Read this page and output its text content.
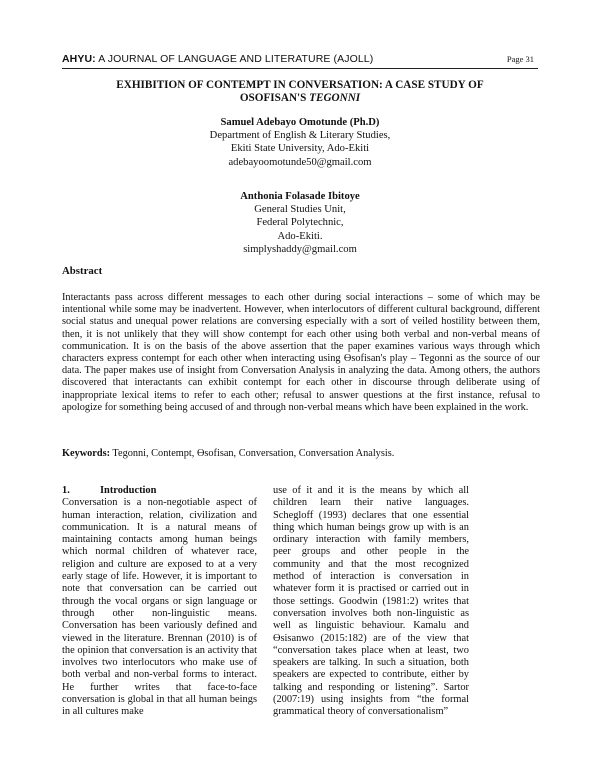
AHYU: A JOURNAL OF LANGUAGE AND LITERATURE (AJOLL)	Page 31
EXHIBITION OF CONTEMPT IN CONVERSATION: A CASE STUDY OF
OSOFISAN'S TEGONNI
Samuel Adebayo Omotunde (Ph.D)
Department of English & Literary Studies,
Ekiti State University, Ado-Ekiti
adebayoomotunde50@gmail.com
Anthonia Folasade Ibitoye
General Studies Unit,
Federal Polytechnic,
Ado-Ekiti.
simplyshaddy@gmail.com
Abstract
Interactants pass across different messages to each other during social interactions – some of which may be intentional while some may be inadvertent. However, when interlocutors of different cultural background, different social status and unequal power relations are conversing especially with a sort of veiled hostility between them, then, it is not unlikely that they will show contempt for each other using both verbal and non-verbal means of communication. It is on the basis of the above assertion that the paper examines various ways through which characters express contempt for each other when interacting using Ɵsofisan's play – Tegonni as the source of our data. The paper makes use of insight from Conversation Analysis in analyzing the data. Among others, the authors discovered that interactants can exhibit contempt for each other in discourse through deliberate using of inappropriate lexical items to refer to each other; refusal to answer questions at the first instance, refusal to apologize for something being accused of and through non-verbal means which have been explained in the work.
Keywords: Tegonni, Contempt, Ɵsofisan, Conversation, Conversation Analysis.
1.	Introduction
Conversation is a non-negotiable aspect of human interaction, relation, civilization and communication. It is a natural means of maintaining contacts among human beings which normal children of whatever race, religion and culture are exposed to at a very early stage of life. However, it is important to note that conversation can be carried out through the vocal organs or sign language or through other non-linguistic means. Conversation has been variously defined and viewed in the literature. Brennan (2010) is of the opinion that conversation is an activity that involves two interlocutors who make use of both verbal and non-verbal forms to interact. He further writes that face-to-face conversation is global in that all human beings in all cultures make
use of it and it is the means by which all children learn their native languages. Schegloff (1993) declares that one essential thing which human beings grow up with is an ordinary interaction with family members, peer groups and other people in the community and that the most recognized method of interaction is conversation in whatever form it is practised or carried out in those settings. Goodwin (1981:2) writes that conversation involves both non-linguistic as well as linguistic behaviour. Kamalu and Ɵsisanwo (2015:182) are of the view that “conversation takes place when at least, two speakers are talking. In such a situation, both speakers are expected to contribute, either by talking and responding or listening”. Sartor (2007:19) using insights from “the formal grammatical theory of conversationalism”
